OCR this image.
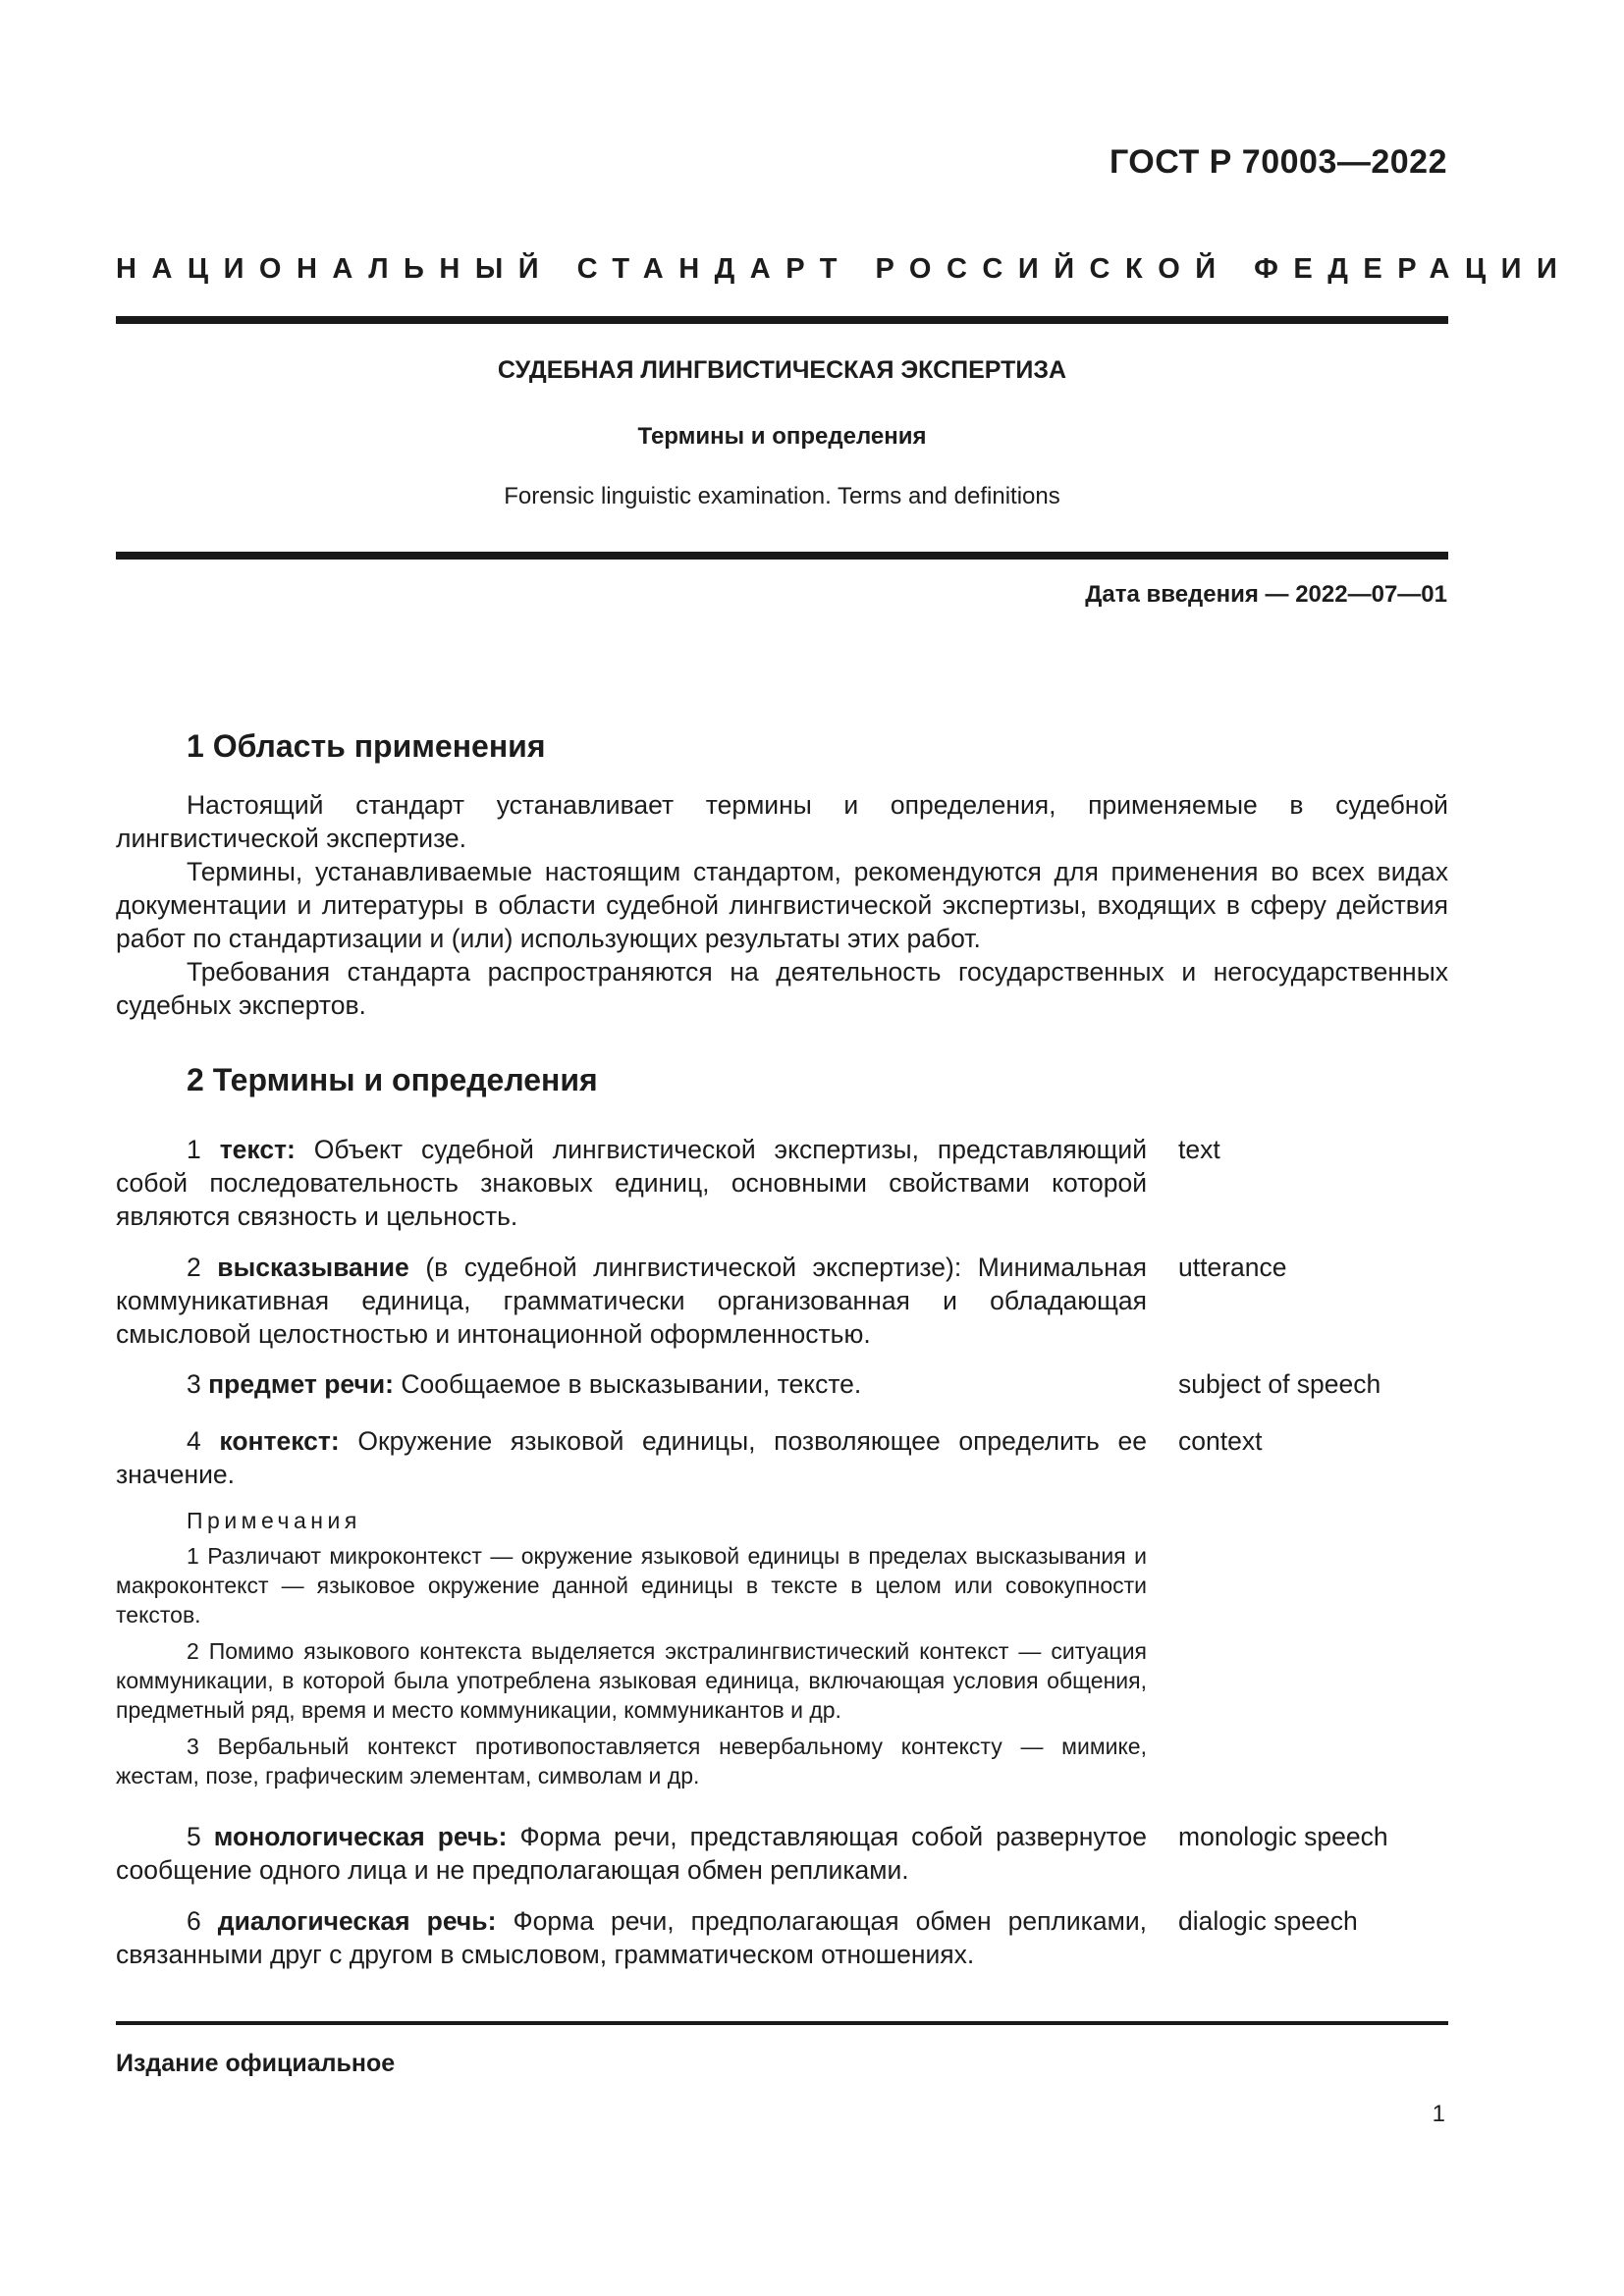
ГОСТ Р 70003—2022
НАЦИОНАЛЬНЫЙ СТАНДАРТ РОССИЙСКОЙ ФЕДЕРАЦИИ
СУДЕБНАЯ ЛИНГВИСТИЧЕСКАЯ ЭКСПЕРТИЗА
Термины и определения
Forensic linguistic examination. Terms and definitions
Дата введения — 2022—07—01
1 Область применения

Настоящий стандарт устанавливает термины и определения, применяемые в судебной лингвистической экспертизе.

Термины, устанавливаемые настоящим стандартом, рекомендуются для применения во всех видах документации и литературы в области судебной лингвистической экспертизы, входящих в сферу действия работ по стандартизации и (или) использующих результаты этих работ.

Требования стандарта распространяются на деятельность государственных и негосударственных судебных экспертов.

2 Термины и определения
1 текст: Объект судебной лингвистической экспертизы, представляющий собой последовательность знаковых единиц, основными свойствами которой являются связность и цельность.
text
2 высказывание (в судебной лингвистической экспертизе): Минимальная коммуникативная единица, грамматически организованная и обладающая смысловой целостностью и интонационной оформленностью.
utterance
3 предмет речи: Сообщаемое в высказывании, тексте.	subject of speech
4 контекст: Окружение языковой единицы, позволяющее определить ее значение.
context
Примечания
1 Различают микроконтекст — окружение языковой единицы в пределах высказывания и макроконтекст — языковое окружение данной единицы в тексте в целом или совокупности текстов.
2 Помимо языкового контекста выделяется экстралингвистический контекст — ситуация коммуникации, в которой была употреблена языковая единица, включающая условия общения, предметный ряд, время и место коммуникации, коммуникантов и др.
3 Вербальный контекст противопоставляется невербальному контексту — мимике, жестам, позе, графическим элементам, символам и др.
5 монологическая речь: Форма речи, представляющая собой развернутое сообщение одного лица и не предполагающая обмен репликами.
monologic speech
6 диалогическая речь: Форма речи, предполагающая обмен репликами, связанными друг с другом в смысловом, грамматическом отношениях.
dialogic speech
Издание официальное
1
